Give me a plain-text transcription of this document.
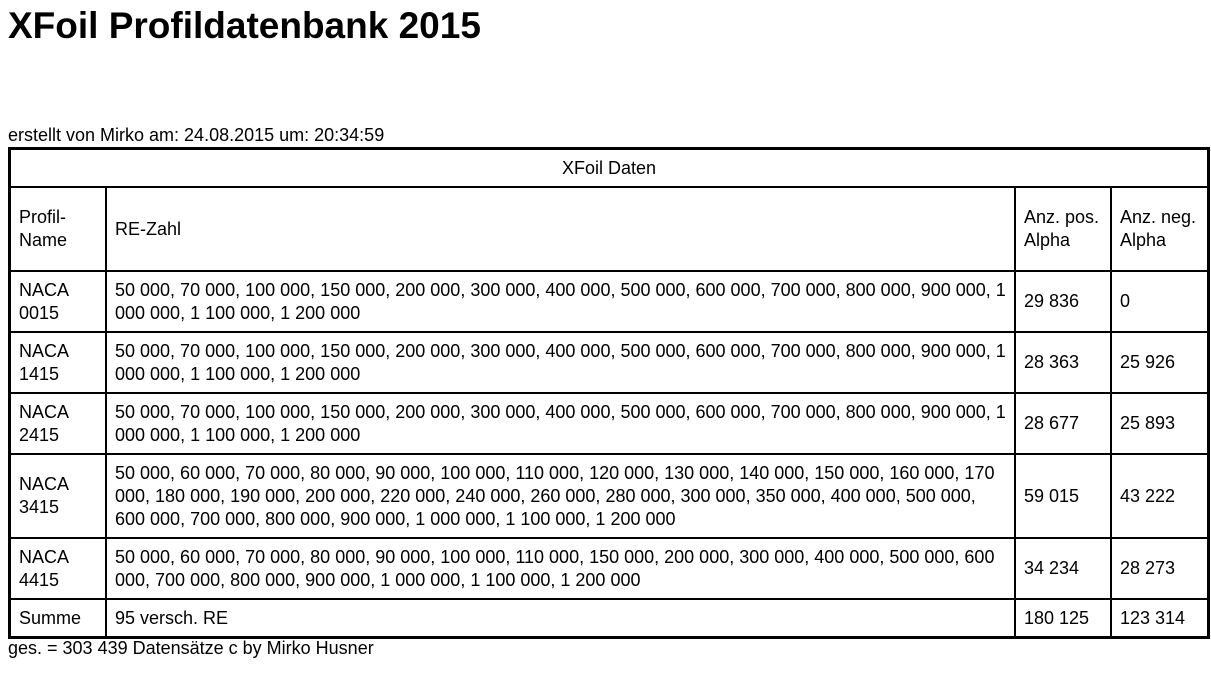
XFoil Profildatenbank 2015
erstellt von Mirko am: 24.08.2015 um: 20:34:59
XFoil Daten			
Profil-Name	RE-Zahl	Anz. pos. Alpha	Anz. neg. Alpha
NACA 0015	50 000, 70 000, 100 000, 150 000, 200 000, 300 000, 400 000, 500 000, 600 000, 700 000, 800 000, 900 000, 1 000 000, 1 100 000, 1 200 000	29 836	0
NACA 1415	50 000, 70 000, 100 000, 150 000, 200 000, 300 000, 400 000, 500 000, 600 000, 700 000, 800 000, 900 000, 1 000 000, 1 100 000, 1 200 000	28 363	25 926
NACA 2415	50 000, 70 000, 100 000, 150 000, 200 000, 300 000, 400 000, 500 000, 600 000, 700 000, 800 000, 900 000, 1 000 000, 1 100 000, 1 200 000	28 677	25 893
NACA 3415	50 000, 60 000, 70 000, 80 000, 90 000, 100 000, 110 000, 120 000, 130 000, 140 000, 150 000, 160 000, 170 000, 180 000, 190 000, 200 000, 220 000, 240 000, 260 000, 280 000, 300 000, 350 000, 400 000, 500 000, 600 000, 700 000, 800 000, 900 000, 1 000 000, 1 100 000, 1 200 000	59 015	43 222
NACA 4415	50 000, 60 000, 70 000, 80 000, 90 000, 100 000, 110 000, 150 000, 200 000, 300 000, 400 000, 500 000, 600 000, 700 000, 800 000, 900 000, 1 000 000, 1 100 000, 1 200 000	34 234	28 273
Summe	95 versch. RE	180 125	123 314
ges. = 303 439 Datensätze c by Mirko Husner
